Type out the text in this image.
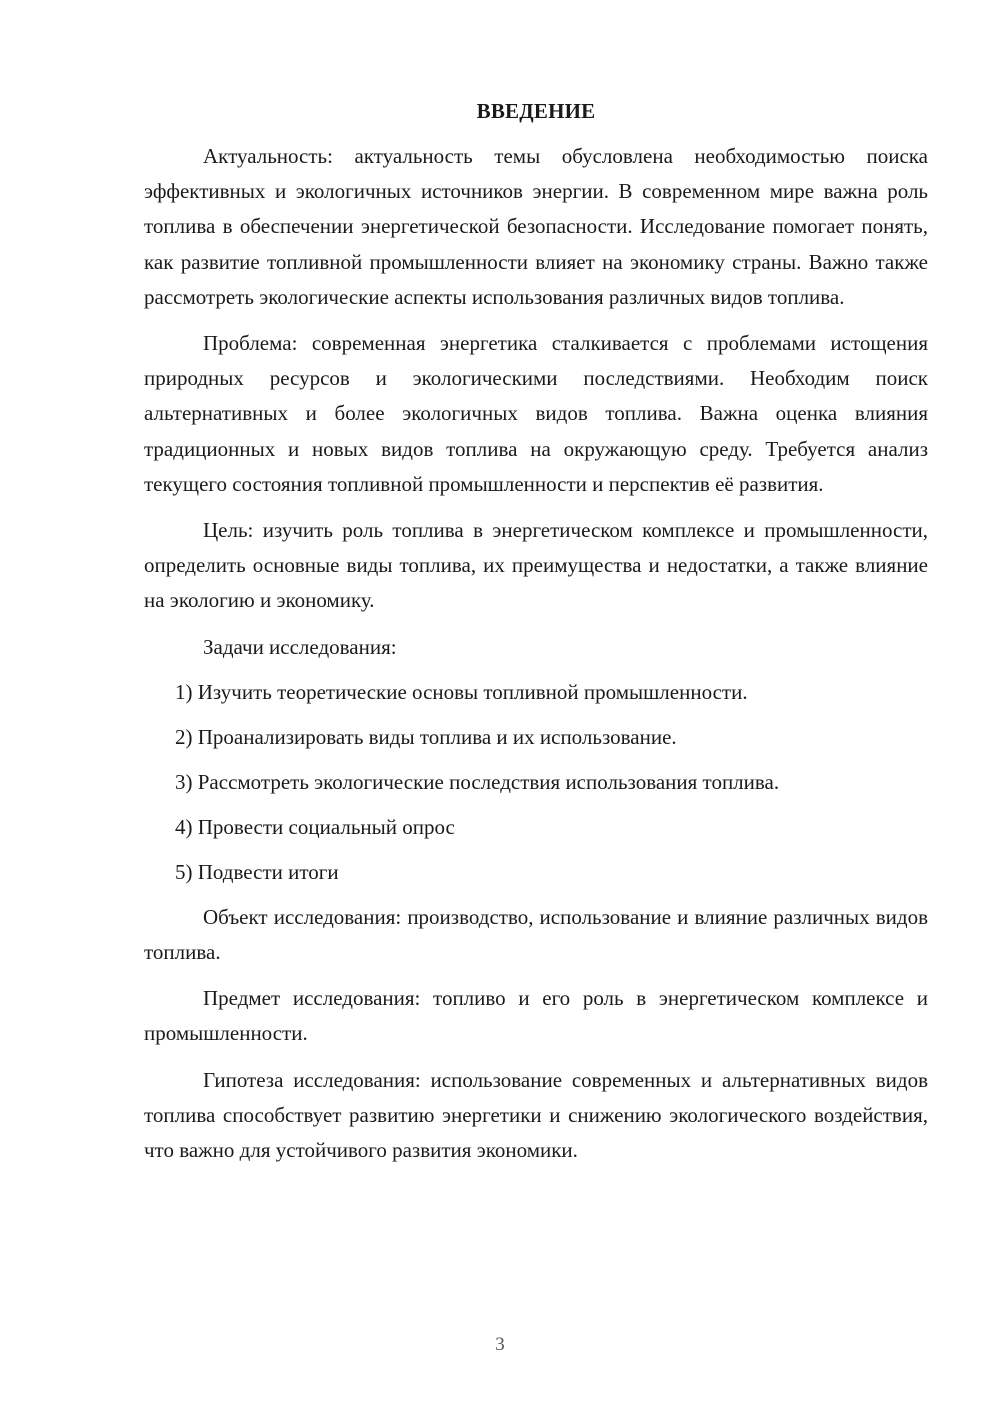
ВВЕДЕНИЕ

Актуальность: актуальность темы обусловлена необходимостью поиска эффективных и экологичных источников энергии. В современном мире важна роль топлива в обеспечении энергетической безопасности. Исследование помогает понять, как развитие топливной промышленности влияет на экономику страны. Важно также рассмотреть экологические аспекты использования различных видов топлива.

Проблема: современная энергетика сталкивается с проблемами истощения природных ресурсов и экологическими последствиями. Необходим поиск альтернативных и более экологичных видов топлива. Важна оценка влияния традиционных и новых видов топлива на окружающую среду. Требуется анализ текущего состояния топливной промышленности и перспектив её развития.

Цель: изучить роль топлива в энергетическом комплексе и промышленности, определить основные виды топлива, их преимущества и недостатки, а также влияние на экологию и экономику.

Задачи исследования:

1) Изучить теоретические основы топливной промышленности.
2) Проанализировать виды топлива и их использование.
3) Рассмотреть экологические последствия использования топлива.
4) Провести социальный опрос
5) Подвести итоги

Объект исследования: производство, использование и влияние различных видов топлива.

Предмет исследования: топливо и его роль в энергетическом комплексе и промышленности.

Гипотеза исследования: использование современных и альтернативных видов топлива способствует развитию энергетики и снижению экологического воздействия, что важно для устойчивого развития экономики.

3
